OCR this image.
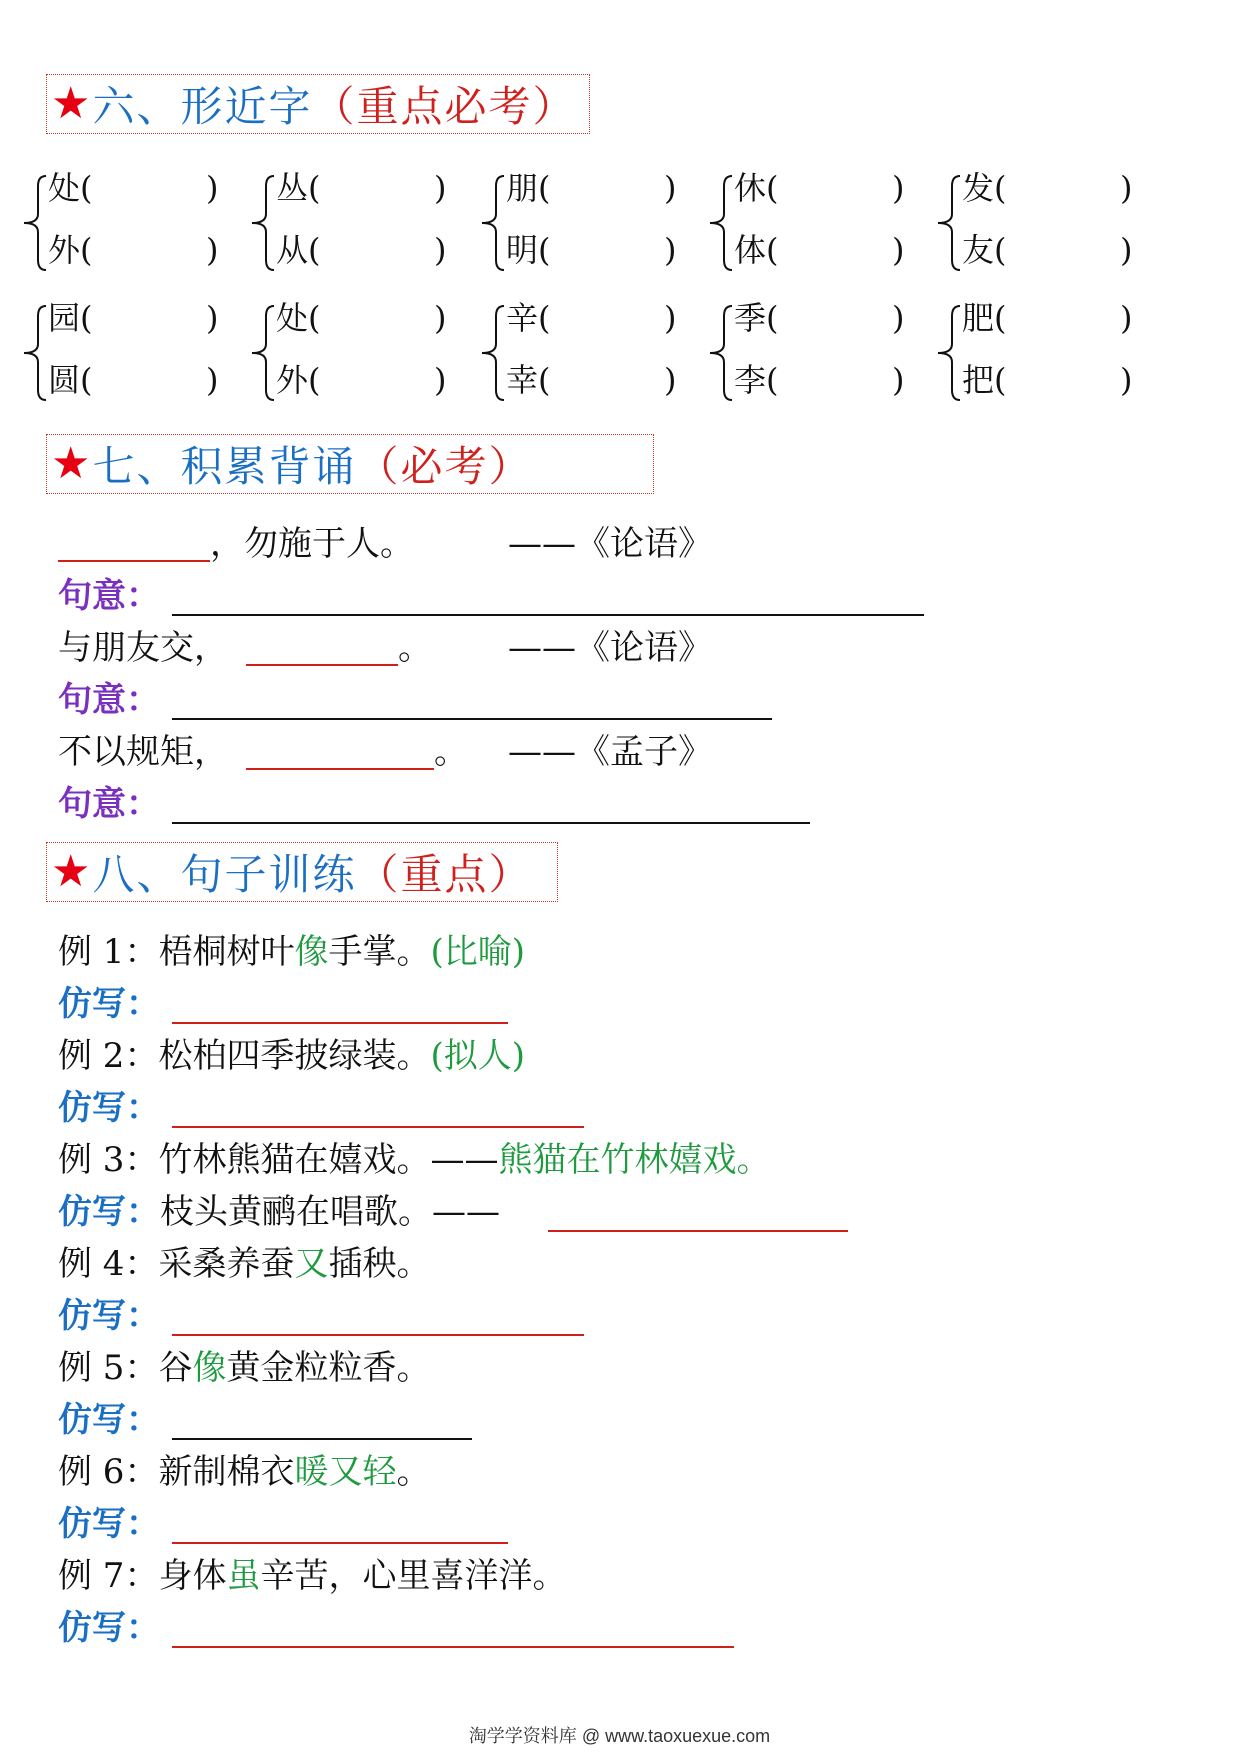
★ 六、形近字 （重点必考）
处(	)
外(	)
丛(	)
从(	)
朋(	)
明(	)
休(	)
体(	)
发(	)
友(	)
园(	)
圆(	)
处(	)
外(	)
辛(	)
幸(	)
季(	)
李(	)
肥(	)
把(	)
★ 七、积累背诵 （必考）
，勿施于人。	——《论语》
句意：
与朋友交，	。 ——《论语》
句意：
不以规矩，	。 ——《孟子》
句意：
★ 八、句子训练 （重点）
例 1：梧桐树叶像手掌。(比喻)
仿写：
例 2：松柏四季披绿装。(拟人)
仿写：
例 3：竹林熊猫在嬉戏。——熊猫在竹林嬉戏。
仿写：枝头黄鹂在唱歌。——
例 4：采桑养蚕又插秧。
仿写：
例 5：谷像黄金粒粒香。
仿写：
例 6：新制棉衣暖又轻。
仿写：
例 7：身体虽辛苦，心里喜洋洋。
仿写：
淘学学资料库 @ www.taoxuexue.com
